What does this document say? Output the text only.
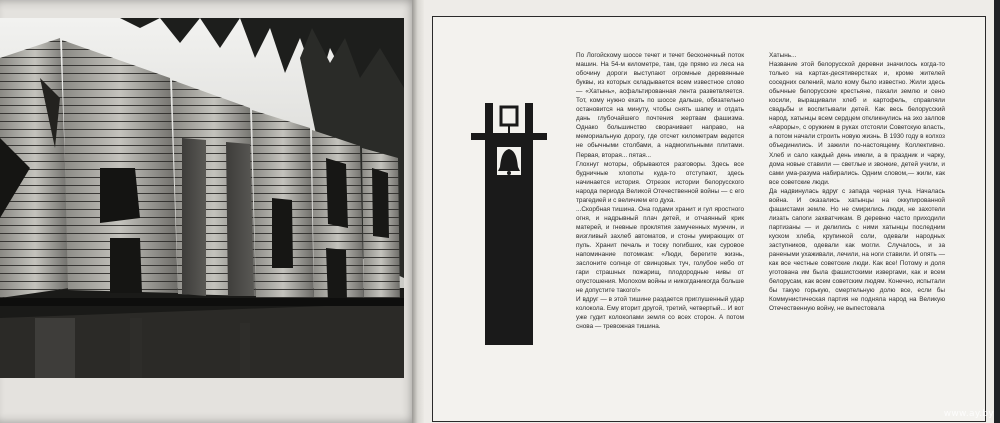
По Логойскому шоссе течет и течет бесконечный поток машин. На 54-м километре, там, где прямо из леса на обочину дороги выступают огромные деревянные буквы, из которых складывается всем известное слово — «Хатынь», асфальтированная лента разветвляется. Тот, кому нужно ехать по шоссе дальше, обязательно остановится на минуту, чтобы снять шапку и отдать дань глубочайшего почтения жертвам фашизма. Однако большинство сворачивает направо, на мемориальную дорогу, где отсчет километрам ведется не обычными столбами, а надмогильными плитами. Первая, вторая... пятая...
Глохнут моторы, обрываются разговоры. Здесь все будничные хлопоты куда-то отступают, здесь начинается история. Отрезок истории белорусского народа периода Великой Отечественной войны — с его трагедией и с величием его духа.
...Скорбная тишина. Она годами хранит и гул яростного огня, и надрывный плач детей, и отчаянный крик матерей, и гневные проклятия замученных мужчин, и визгливый захлеб автоматов, и стоны умирающих от пуль. Хранит печаль и тоску погибших, как суровое напоминание потомкам: «Люди, берегите жизнь, заслоните солнце от свинцовых туч, голубое небо от гари страшных пожарищ, плодородные нивы от опустошения. Молохом войны и никогданикогда больше не допустите такого!»
И вдруг — в этой тишине раздается приглушенный удар колокола. Ему вторит другой, третий, четвертый... И вот уже гудит колоколами земля со всех сторон. А потом снова — тревожная тишина.
Хатынь...
Название этой белорусской деревни значилось когда-то только на картах-десятиверстках и, кроме жителей соседних селений, мало кому было известно. Жили здесь обычные белорусские крестьяне, пахали землю и сено косили, выращивали хлеб и картофель, справляли свадьбы и воспитывали детей. Как весь белорусский народ, хатынцы всем сердцем откликнулись на эхо залпов «Авроры», с оружием в руках отстояли Советскую власть, а потом начали строить новую жизнь. В 1930 году в колхоз объединились. И зажили по-настоящему. Коллективно. Хлеб и сало каждый день имели, а в праздник и чарку, дома новые ставили — светлые и звонкие, детей учили, и сами ума-разума набирались. Одним словом,— жили, как все советские люди.
Да надвинулась вдруг с запада черная туча. Началась война. И оказались хатынцы на оккупированной фашистами земле. Но не смирились люди, не захотели лизать сапоги захватчикам. В деревню часто приходили партизаны — и делились с ними хатынцы последним куском хлеба, крупинкой соли, одевали народных заступников, одевали как могли. Случалось, и за ранеными ухаживали, лечили, на ноги ставили. И опять — как все честные советские люди. Как все! Потому и доля уготована им была фашистскими извергами, как и всем белорусам, как всем советским людям. Конечно, испытали бы такую горькую, смертельную долю все, если бы Коммунистическая партия не подняла народ на Великую Отечественную войну, не выпестовала
www.ay.by
